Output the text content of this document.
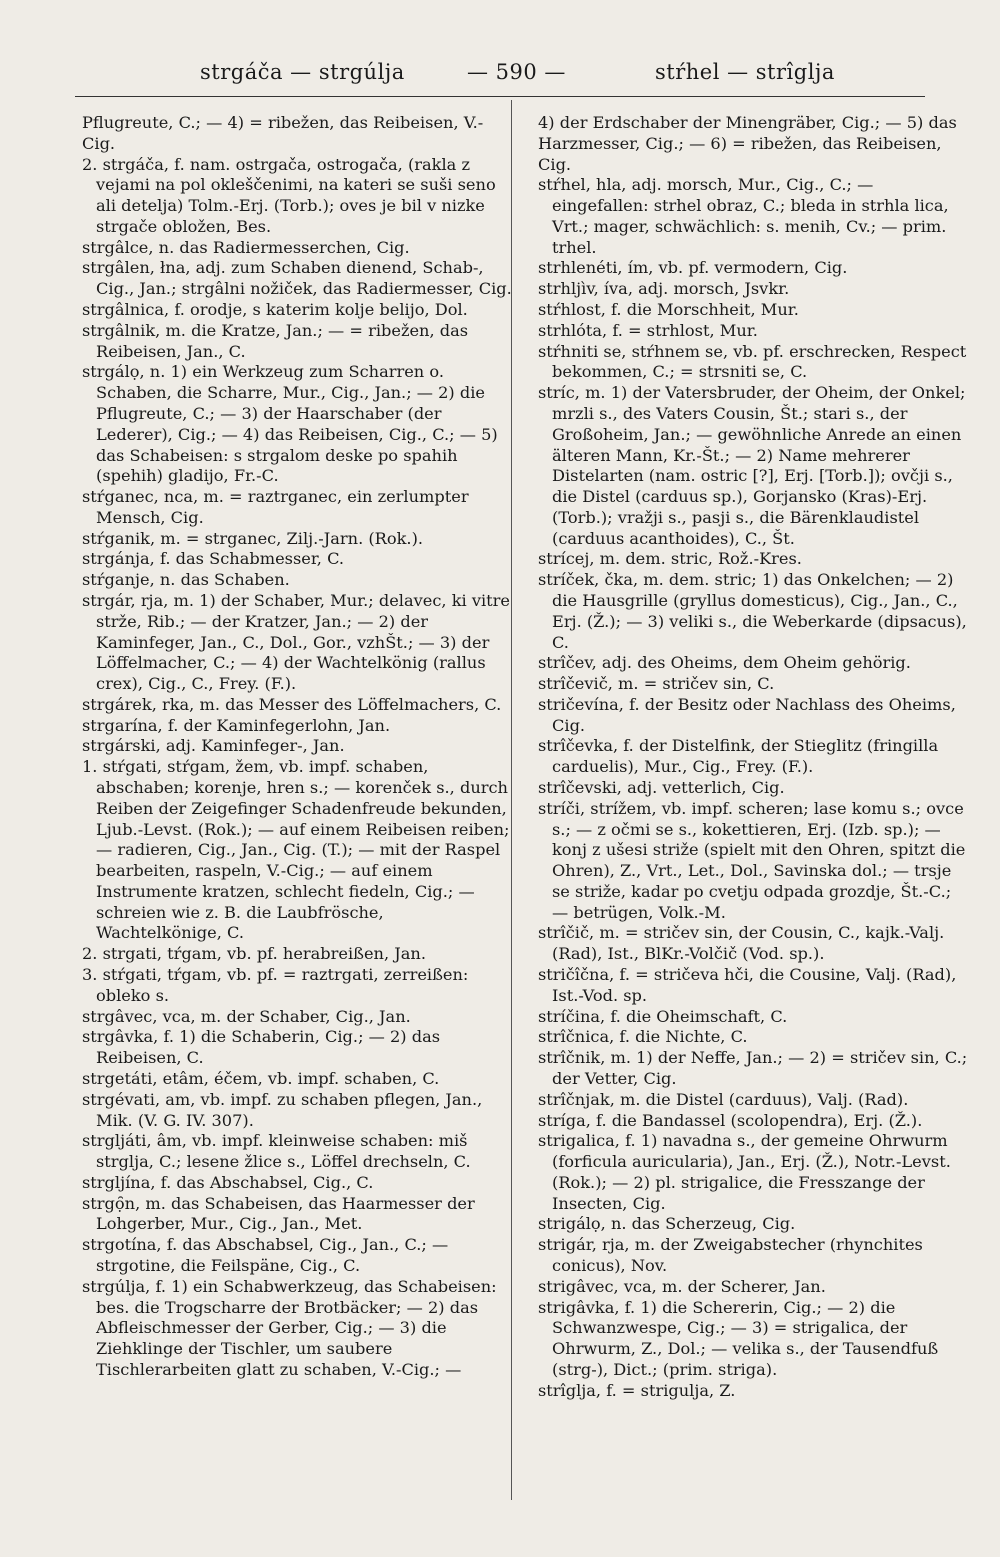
strgáča — strgúlja	— 590 —	stŕhel — strîglja

Pflugreute, C.; — 4) = ribežen, das Reibeisen, V.-Cig.

2. strgáča, f. nam. ostrgača, ostrogača, (rakla z vejami na pol okleščenimi, na kateri se suši seno ali detelja) Tolm.-Erj. (Torb.); oves je bil v nizke strgače obložen, Bes.

strgâlce, n. das Radiermesserchen, Cig.

strgâlen, łna, adj. zum Schaben dienend, Schab-, Cig., Jan.; strgâlni nožiček, das Radiermesser, Cig.

strgâlnica, f. orodje, s katerim kolje belijo, Dol.

strgâlnik, m. die Kratze, Jan.; — = ribežen, das Reibeisen, Jan., C.

strgálọ, n. 1) ein Werkzeug zum Scharren o. Schaben, die Scharre, Mur., Cig., Jan.; — 2) die Pflugreute, C.; — 3) der Haarschaber (der Lederer), Cig.; — 4) das Reibeisen, Cig., C.; — 5) das Schabeisen: s strgalom deske po spahih (spehih) gladijo, Fr.-C.

stŕganec, nca, m. = raztrganec, ein zerlumpter Mensch, Cig.

stŕganik, m. = strganec, Zilj.-Jarn. (Rok.).

strgánja, f. das Schabmesser, C.

stŕganje, n. das Schaben.

strgár, rja, m. 1) der Schaber, Mur.; delavec, ki vitre strže, Rib.; — der Kratzer, Jan.; — 2) der Kaminfeger, Jan., C., Dol., Gor., vzhŠt.; — 3) der Löffelmacher, C.; — 4) der Wachtelkönig (rallus crex), Cig., C., Frey. (F.).

strgárek, rka, m. das Messer des Löffelmachers, C.

strgarína, f. der Kaminfegerlohn, Jan.

strgárski, adj. Kaminfeger-, Jan.

1. stŕgati, stŕgam, žem, vb. impf. schaben, abschaben; korenje, hren s.; — korenček s., durch Reiben der Zeigefinger Schadenfreude bekunden, Ljub.-Levst. (Rok.); — auf einem Reibeisen reiben; — radieren, Cig., Jan., Cig. (T.); — mit der Raspel bearbeiten, raspeln, V.-Cig.; — auf einem Instrumente kratzen, schlecht fiedeln, Cig.; — schreien wie z. B. die Laubfrösche, Wachtelkönige, C.

2. strgati, tŕgam, vb. pf. herabreißen, Jan.

3. stŕgati, tŕgam, vb. pf. = raztrgati, zerreißen: obleko s.

strgâvec, vca, m. der Schaber, Cig., Jan.

strgâvka, f. 1) die Schaberin, Cig.; — 2) das Reibeisen, C.

strgetáti, etâm, éčem, vb. impf. schaben, C.

strgévati, am, vb. impf. zu schaben pflegen, Jan., Mik. (V. G. IV. 307).

strgljáti, âm, vb. impf. kleinweise schaben: miš strglja, C.; lesene žlice s., Löffel drechseln, C.

strgljína, f. das Abschabsel, Cig., C.

strgọ̑n, m. das Schabeisen, das Haarmesser der Lohgerber, Mur., Cig., Jan., Met.

strgotína, f. das Abschabsel, Cig., Jan., C.; — strgotine, die Feilspäne, Cig., C.

strgúlja, f. 1) ein Schabwerkzeug, das Schabeisen: bes. die Trogscharre der Brotbäcker; — 2) das Abfleischmesser der Gerber, Cig.; — 3) die Ziehklinge der Tischler, um saubere Tischlerarbeiten glatt zu schaben, V.-Cig.; —

4) der Erdschaber der Minengräber, Cig.; — 5) das Harzmesser, Cig.; — 6) = ribežen, das Reibeisen, Cig.

stŕhel, hla, adj. morsch, Mur., Cig., C.; — eingefallen: strhel obraz, C.; bleda in strhla lica, Vrt.; mager, schwächlich: s. menih, Cv.; — prim. trhel.

strhlenéti, ím, vb. pf. vermodern, Cig.

strhljìv, íva, adj. morsch, Jsvkr.

stŕhlost, f. die Morschheit, Mur.

strhlóta, f. = strhlost, Mur.

stŕhniti se, stŕhnem se, vb. pf. erschrecken, Respect bekommen, C.; = strsniti se, C.

stríc, m. 1) der Vatersbruder, der Oheim, der Onkel; mrzli s., des Vaters Cousin, Št.; stari s., der Großoheim, Jan.; — gewöhnliche Anrede an einen älteren Mann, Kr.-Št.; — 2) Name mehrerer Distelarten (nam. ostric [?], Erj. [Torb.]); ovčji s., die Distel (carduus sp.), Gorjansko (Kras)-Erj. (Torb.); vražji s., pasji s., die Bärenklaudistel (carduus acanthoides), C., Št.

strícej, m. dem. stric, Rož.-Kres.

stríček, čka, m. dem. stric; 1) das Onkelchen; — 2) die Hausgrille (gryllus domesticus), Cig., Jan., C., Erj. (Ž.); — 3) veliki s., die Weberkarde (dipsacus), C.

strîčev, adj. des Oheims, dem Oheim gehörig.

strîčevič, m. = stričev sin, C.

stričevína, f. der Besitz oder Nachlass des Oheims, Cig.

strîčevka, f. der Distelfink, der Stieglitz (fringilla carduelis), Mur., Cig., Frey. (F.).

strîčevski, adj. vetterlich, Cig.

stríči, strížem, vb. impf. scheren; lase komu s.; ovce s.; — z očmi se s., kokettieren, Erj. (Izb. sp.); — konj z ušesi striže (spielt mit den Ohren, spitzt die Ohren), Z., Vrt., Let., Dol., Savinska dol.; — trsje se striže, kadar po cvetju odpada grozdje, Št.-C.; — betrügen, Volk.-M.

strîčič, m. = stričev sin, der Cousin, C., kajk.-Valj. (Rad), Ist., BlKr.-Volčič (Vod. sp.).

stričîčna, f. = stričeva hči, die Cousine, Valj. (Rad), Ist.-Vod. sp.

stríčina, f. die Oheimschaft, C.

strîčnica, f. die Nichte, C.

strîčnik, m. 1) der Neffe, Jan.; — 2) = stričev sin, C.; der Vetter, Cig.

strîčnjak, m. die Distel (carduus), Valj. (Rad).

stríga, f. die Bandassel (scolopendra), Erj. (Ž.).

strigalica, f. 1) navadna s., der gemeine Ohrwurm (forficula auricularia), Jan., Erj. (Ž.), Notr.-Levst. (Rok.); — 2) pl. strigalice, die Fresszange der Insecten, Cig.

strigálọ, n. das Scherzeug, Cig.

strigár, rja, m. der Zweigabstecher (rhynchites conicus), Nov.

strigâvec, vca, m. der Scherer, Jan.

strigâvka, f. 1) die Schererin, Cig.; — 2) die Schwanzwespe, Cig.; — 3) = strigalica, der Ohrwurm, Z., Dol.; — velika s., der Tausendfuß (strg-), Dict.; (prim. striga).

strîglja, f. = strigulja, Z.
